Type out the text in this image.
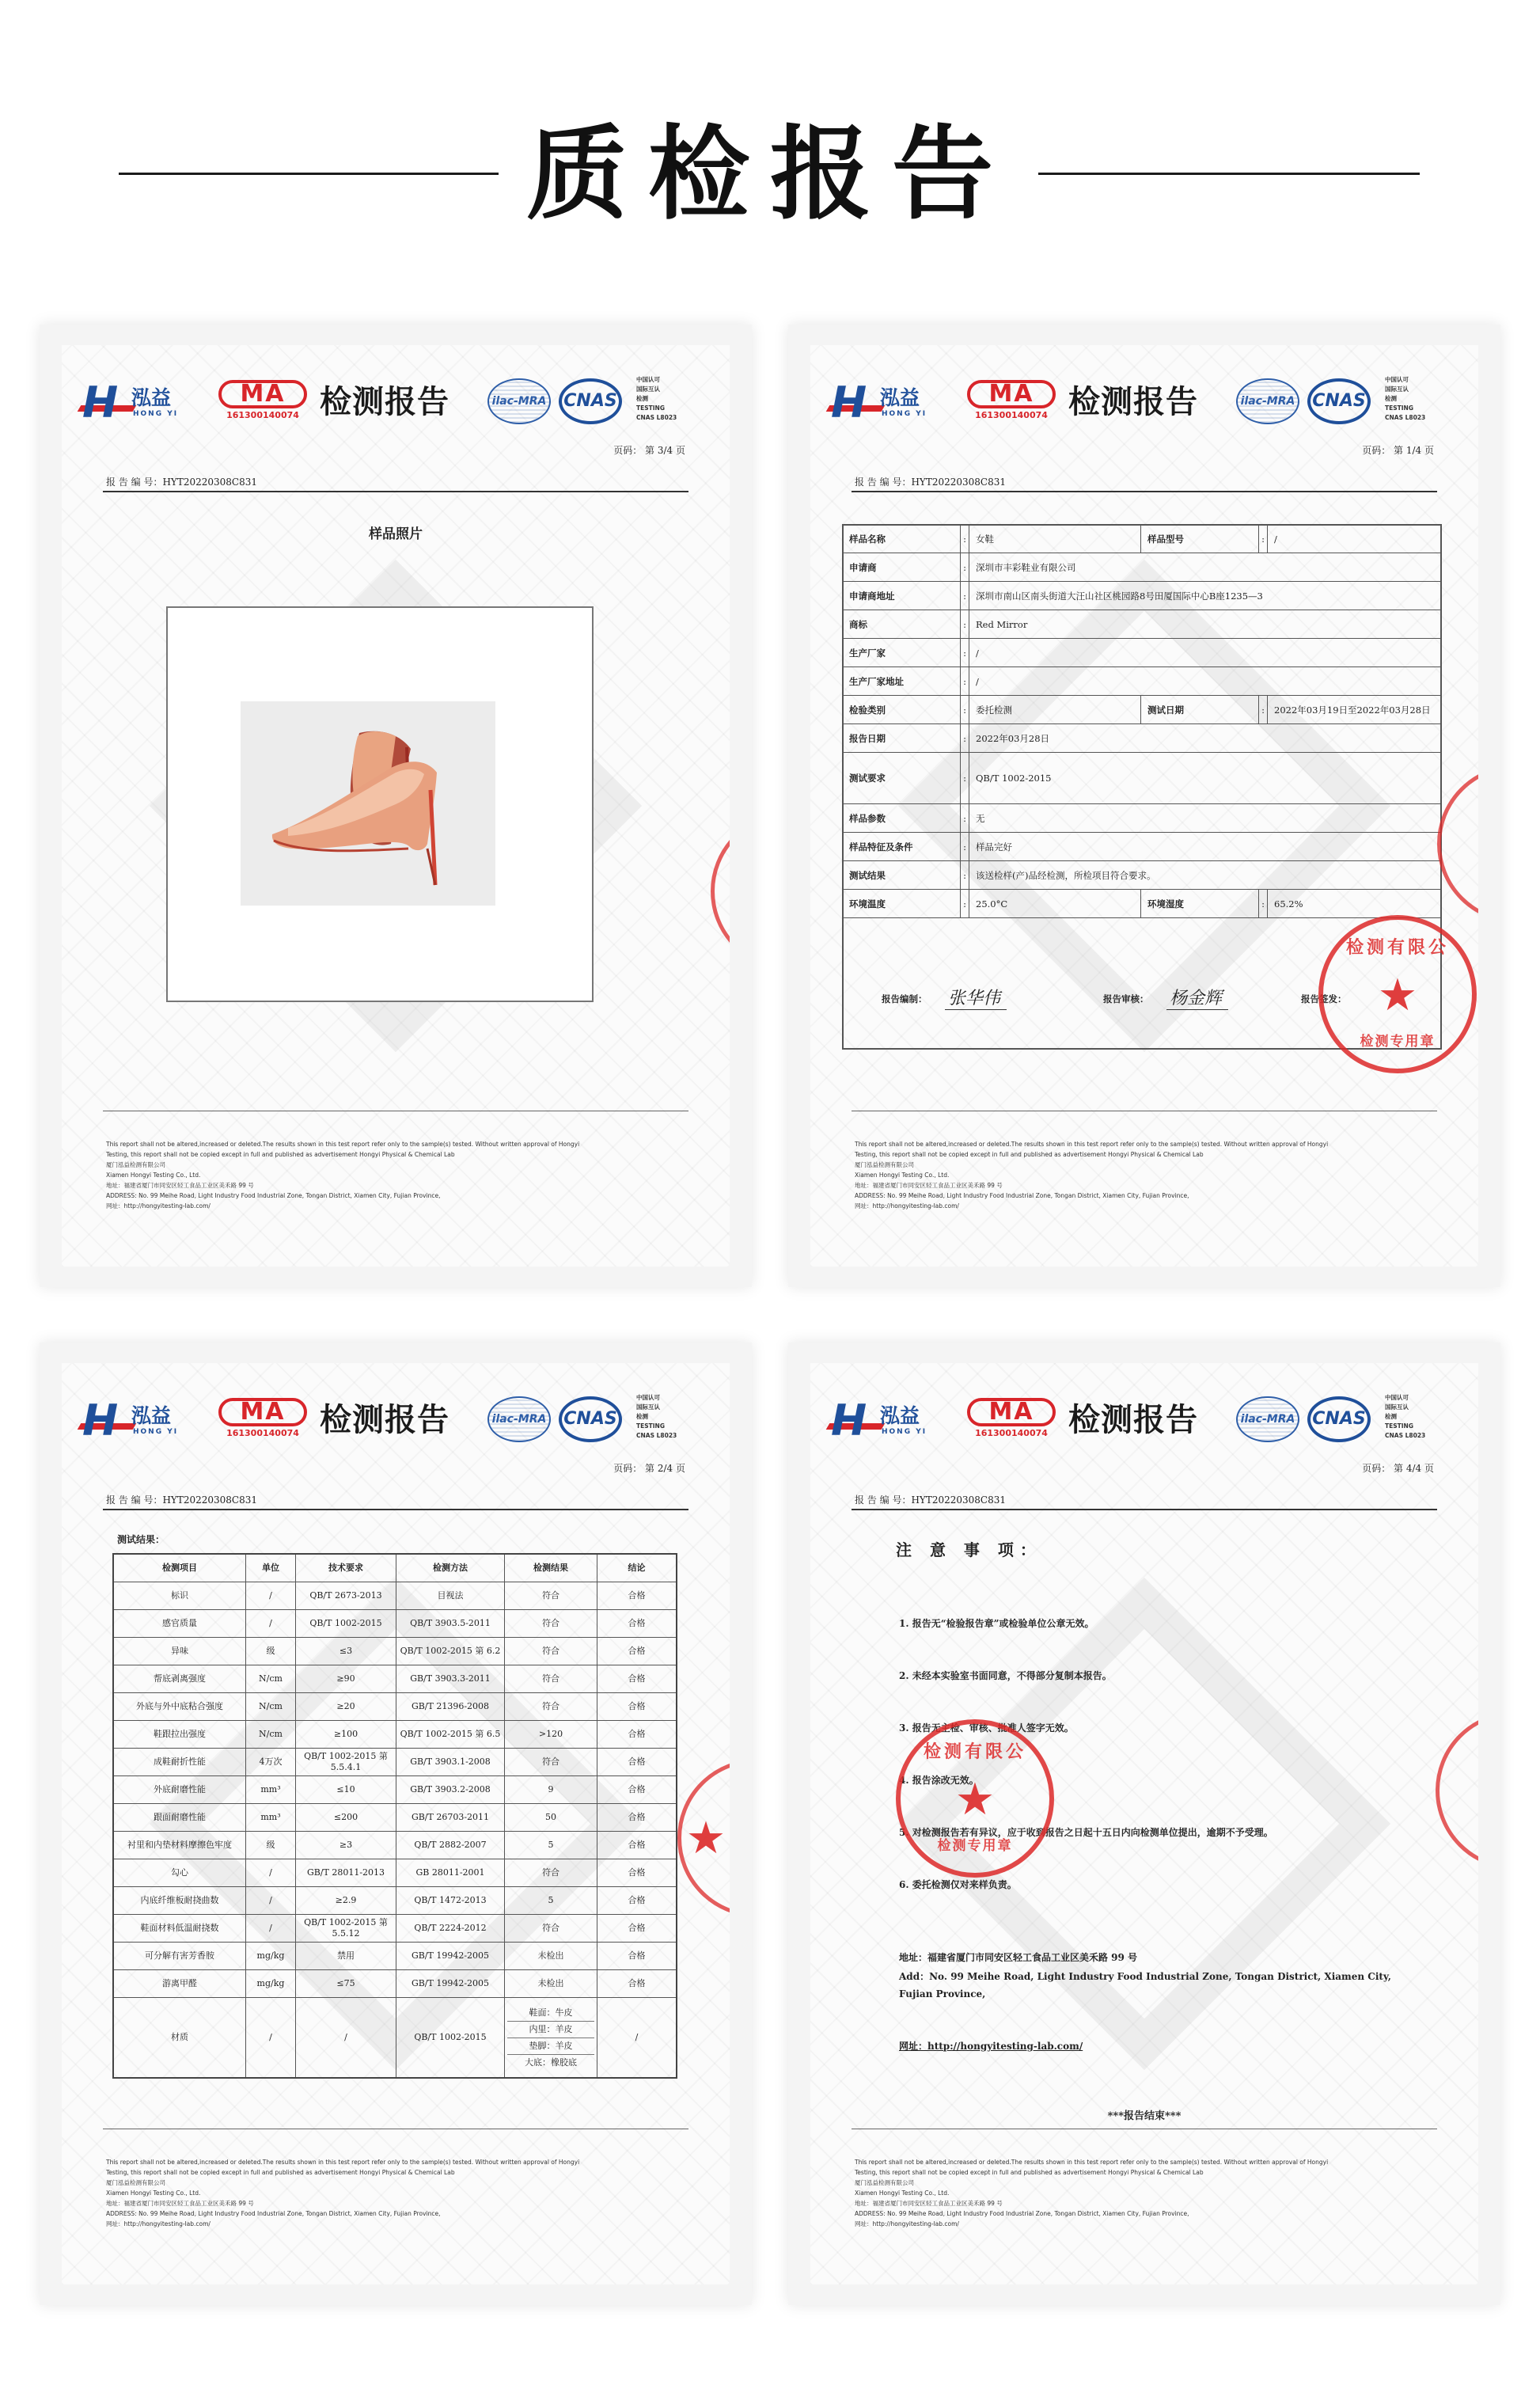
质检报告
H 泓益
HONG YI
MA
161300140074 检测报告	ilac-MRA CNAS
中国认可
国际互认
检测
TESTING
CNAS L8023
页码： 第 3/4 页
报 告 编 号：HYT20220308C831
样品照片
This report shall not be altered,increased or deleted.The results shown in this test report refer only to the sample(s) tested. Without written approval of Hongyi
Testing, this report shall not be copied except in full and published as advertisement Hongyi Physical & Chemical Lab
厦门泓益检测有限公司
Xiamen Hongyi Testing Co., Ltd.
地址：福建省厦门市同安区轻工食品工业区美禾路 99 号
ADDRESS: No. 99 Meihe Road, Light Industry Food Industrial Zone, Tongan District, Xiamen City, Fujian Province,
网址：http://hongyitesting-lab.com/
H 泓益
HONG YI
MA
161300140074 检测报告	ilac-MRA CNAS
中国认可
国际互认
检测
TESTING
CNAS L8023
页码： 第 1/4 页
报 告 编 号：HYT20220308C831
样品名称	:	女鞋	样品型号	:	/
申请商	:	深圳市丰彩鞋业有限公司			
申请商地址	:	深圳市南山区南头街道大汪山社区桃园路8号田厦国际中心B座1235—3			
商标	:	Red Mirror			
生产厂家	:	/			
生产厂家地址	:	/			
检验类别	:	委托检测	测试日期	:	2022年03月19日至2022年03月28日
报告日期	:	2022年03月28日			
测试要求	:	QB/T 1002-2015			
样品参数	:	无			
样品特征及条件	:	样品完好			
测试结果	:	该送检样(产)品经检测，所检项目符合要求。			
环境温度	:	25.0°C	环境湿度	:	65.2%
报告编制： 张华伟	报告审核： 杨金辉	报告签发：
检测有限公
★
检测专用章
This report shall not be altered,increased or deleted.The results shown in this test report refer only to the sample(s) tested. Without written approval of Hongyi
Testing, this report shall not be copied except in full and published as advertisement Hongyi Physical & Chemical Lab
厦门泓益检测有限公司
Xiamen Hongyi Testing Co., Ltd.
地址：福建省厦门市同安区轻工食品工业区美禾路 99 号
ADDRESS: No. 99 Meihe Road, Light Industry Food Industrial Zone, Tongan District, Xiamen City, Fujian Province,
网址：http://hongyitesting-lab.com/
H 泓益
HONG YI
MA
161300140074 检测报告	ilac-MRA CNAS
中国认可
国际互认
检测
TESTING
CNAS L8023
页码： 第 2/4 页
报 告 编 号：HYT20220308C831
测试结果：
检测项目	单位	技术要求	检测方法	检测结果	结论
标识	/	QB/T 2673-2013	目视法	符合	合格
感官质量	/	QB/T 1002-2015	QB/T 3903.5-2011	符合	合格
异味	级	≤3	QB/T 1002-2015 第 6.2	符合	合格
帮底剥离强度	N/cm	≥90	GB/T 3903.3-2011	符合	合格
外底与外中底粘合强度	N/cm	≥20	GB/T 21396-2008	符合	合格
鞋跟拉出强度	N/cm	≥100	QB/T 1002-2015 第 6.5	>120	合格
成鞋耐折性能	4万次	QB/T 1002-2015 第 5.5.4.1	GB/T 3903.1-2008	符合	合格
外底耐磨性能	mm³	≤10	GB/T 3903.2-2008	9	合格
跟面耐磨性能	mm³	≤200	GB/T 26703-2011	50	合格
衬里和内垫材料摩擦色牢度	级	≥3	QB/T 2882-2007	5	合格
勾心	/	GB/T 28011-2013	GB 28011-2001	符合	合格
内底纤维板耐挠曲数	/	≥2.9	QB/T 1472-2013	5	合格
鞋面材料低温耐挠数	/	QB/T 1002-2015 第 5.5.12	QB/T 2224-2012	符合	合格
可分解有害芳香胺	mg/kg	禁用	GB/T 19942-2005	未检出	合格
游离甲醛	mg/kg	≤75	GB/T 19942-2005	未检出	合格
材质	/	/	QB/T 1002-2015	鞋面：牛皮
内里：羊皮
垫脚：羊皮
大底：橡胶底	/
★
This report shall not be altered,increased or deleted.The results shown in this test report refer only to the sample(s) tested. Without written approval of Hongyi
Testing, this report shall not be copied except in full and published as advertisement Hongyi Physical & Chemical Lab
厦门泓益检测有限公司
Xiamen Hongyi Testing Co., Ltd.
地址：福建省厦门市同安区轻工食品工业区美禾路 99 号
ADDRESS: No. 99 Meihe Road, Light Industry Food Industrial Zone, Tongan District, Xiamen City, Fujian Province,
网址：http://hongyitesting-lab.com/
H 泓益
HONG YI
MA
161300140074 检测报告	ilac-MRA CNAS
中国认可
国际互认
检测
TESTING
CNAS L8023
页码： 第 4/4 页
报 告 编 号：HYT20220308C831
注 意 事 项：
1. 报告无“检验报告章”或检验单位公章无效。
2. 未经本实验室书面同意，不得部分复制本报告。
3. 报告无主检、审核、批准人签字无效。
4. 报告涂改无效。
5. 对检测报告若有异议，应于收到报告之日起十五日内向检测单位提出，逾期不予受理。
6. 委托检测仅对来样负责。
地址：福建省厦门市同安区轻工食品工业区美禾路 99 号
Add：No. 99 Meihe Road, Light Industry Food Industrial Zone, Tongan District, Xiamen City,
Fujian Province,
网址：http://hongyitesting-lab.com/
***报告结束***
检测有限公
★
检测专用章
This report shall not be altered,increased or deleted.The results shown in this test report refer only to the sample(s) tested. Without written approval of Hongyi
Testing, this report shall not be copied except in full and published as advertisement Hongyi Physical & Chemical Lab
厦门泓益检测有限公司
Xiamen Hongyi Testing Co., Ltd.
地址：福建省厦门市同安区轻工食品工业区美禾路 99 号
ADDRESS: No. 99 Meihe Road, Light Industry Food Industrial Zone, Tongan District, Xiamen City, Fujian Province,
网址：http://hongyitesting-lab.com/
